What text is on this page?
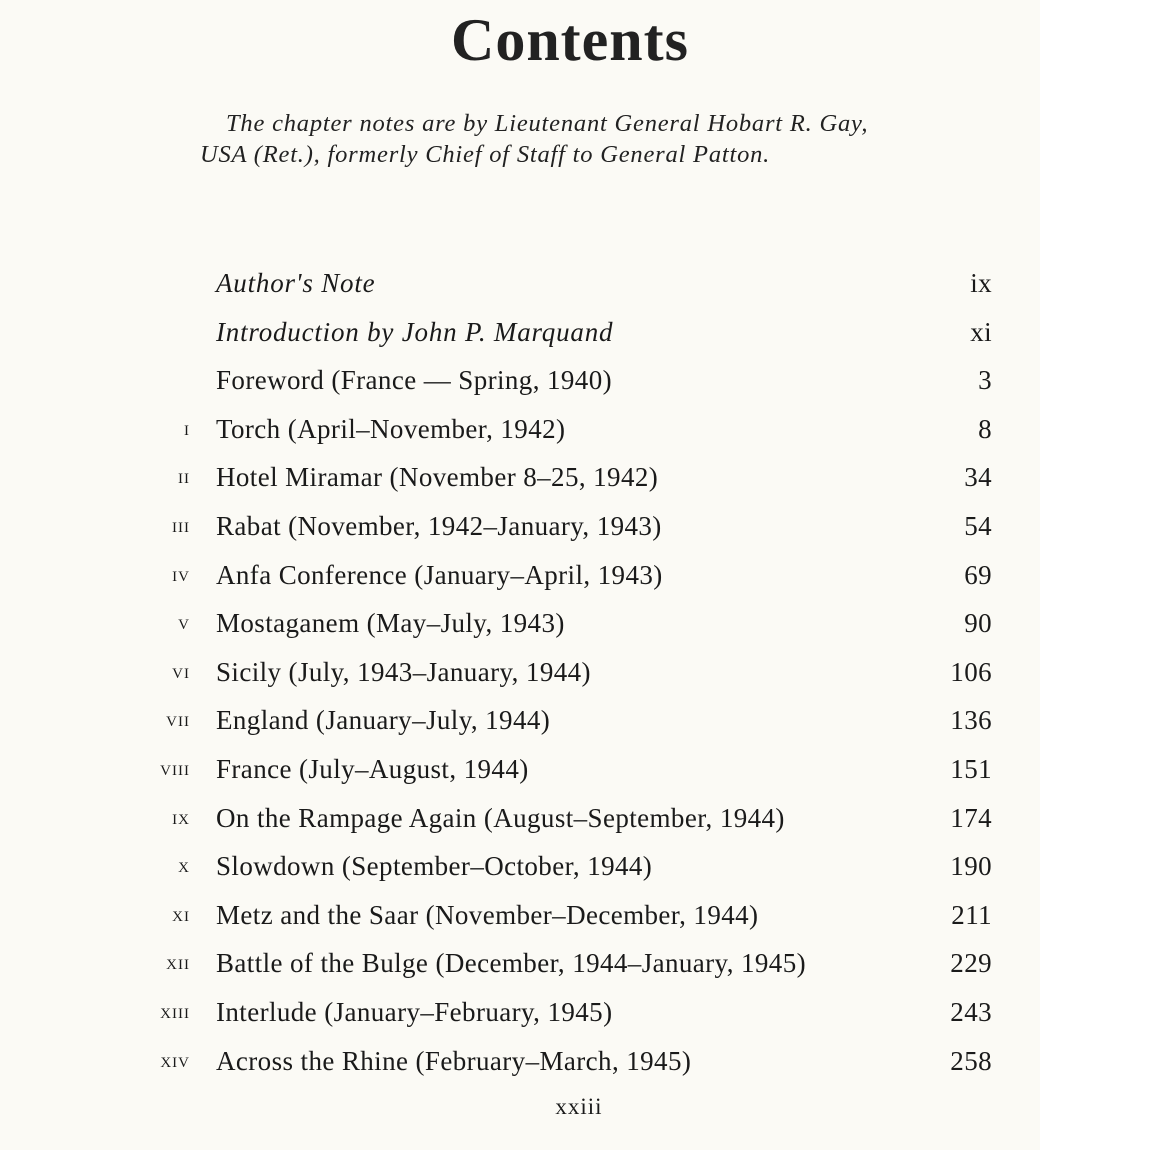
Contents
The chapter notes are by Lieutenant General Hobart R. Gay,
USA (Ret.), formerly Chief of Staff to General Patton.
Author's Note	ix
Introduction by John P. Marquand	xi
Foreword (France — Spring, 1940)	3
i Torch (April–November, 1942)	8
ii Hotel Miramar (November 8–25, 1942)	34
iii Rabat (November, 1942–January, 1943)	54
iv Anfa Conference (January–April, 1943)	69
v Mostaganem (May–July, 1943)	90
vi Sicily (July, 1943–January, 1944)	106
vii England (January–July, 1944)	136
viii France (July–August, 1944)	151
ix On the Rampage Again (August–September, 1944)	174
x Slowdown (September–October, 1944)	190
xi Metz and the Saar (November–December, 1944)	211
xii Battle of the Bulge (December, 1944–January, 1945)	229
xiii Interlude (January–February, 1945)	243
xiv Across the Rhine (February–March, 1945)	258
xxiii
